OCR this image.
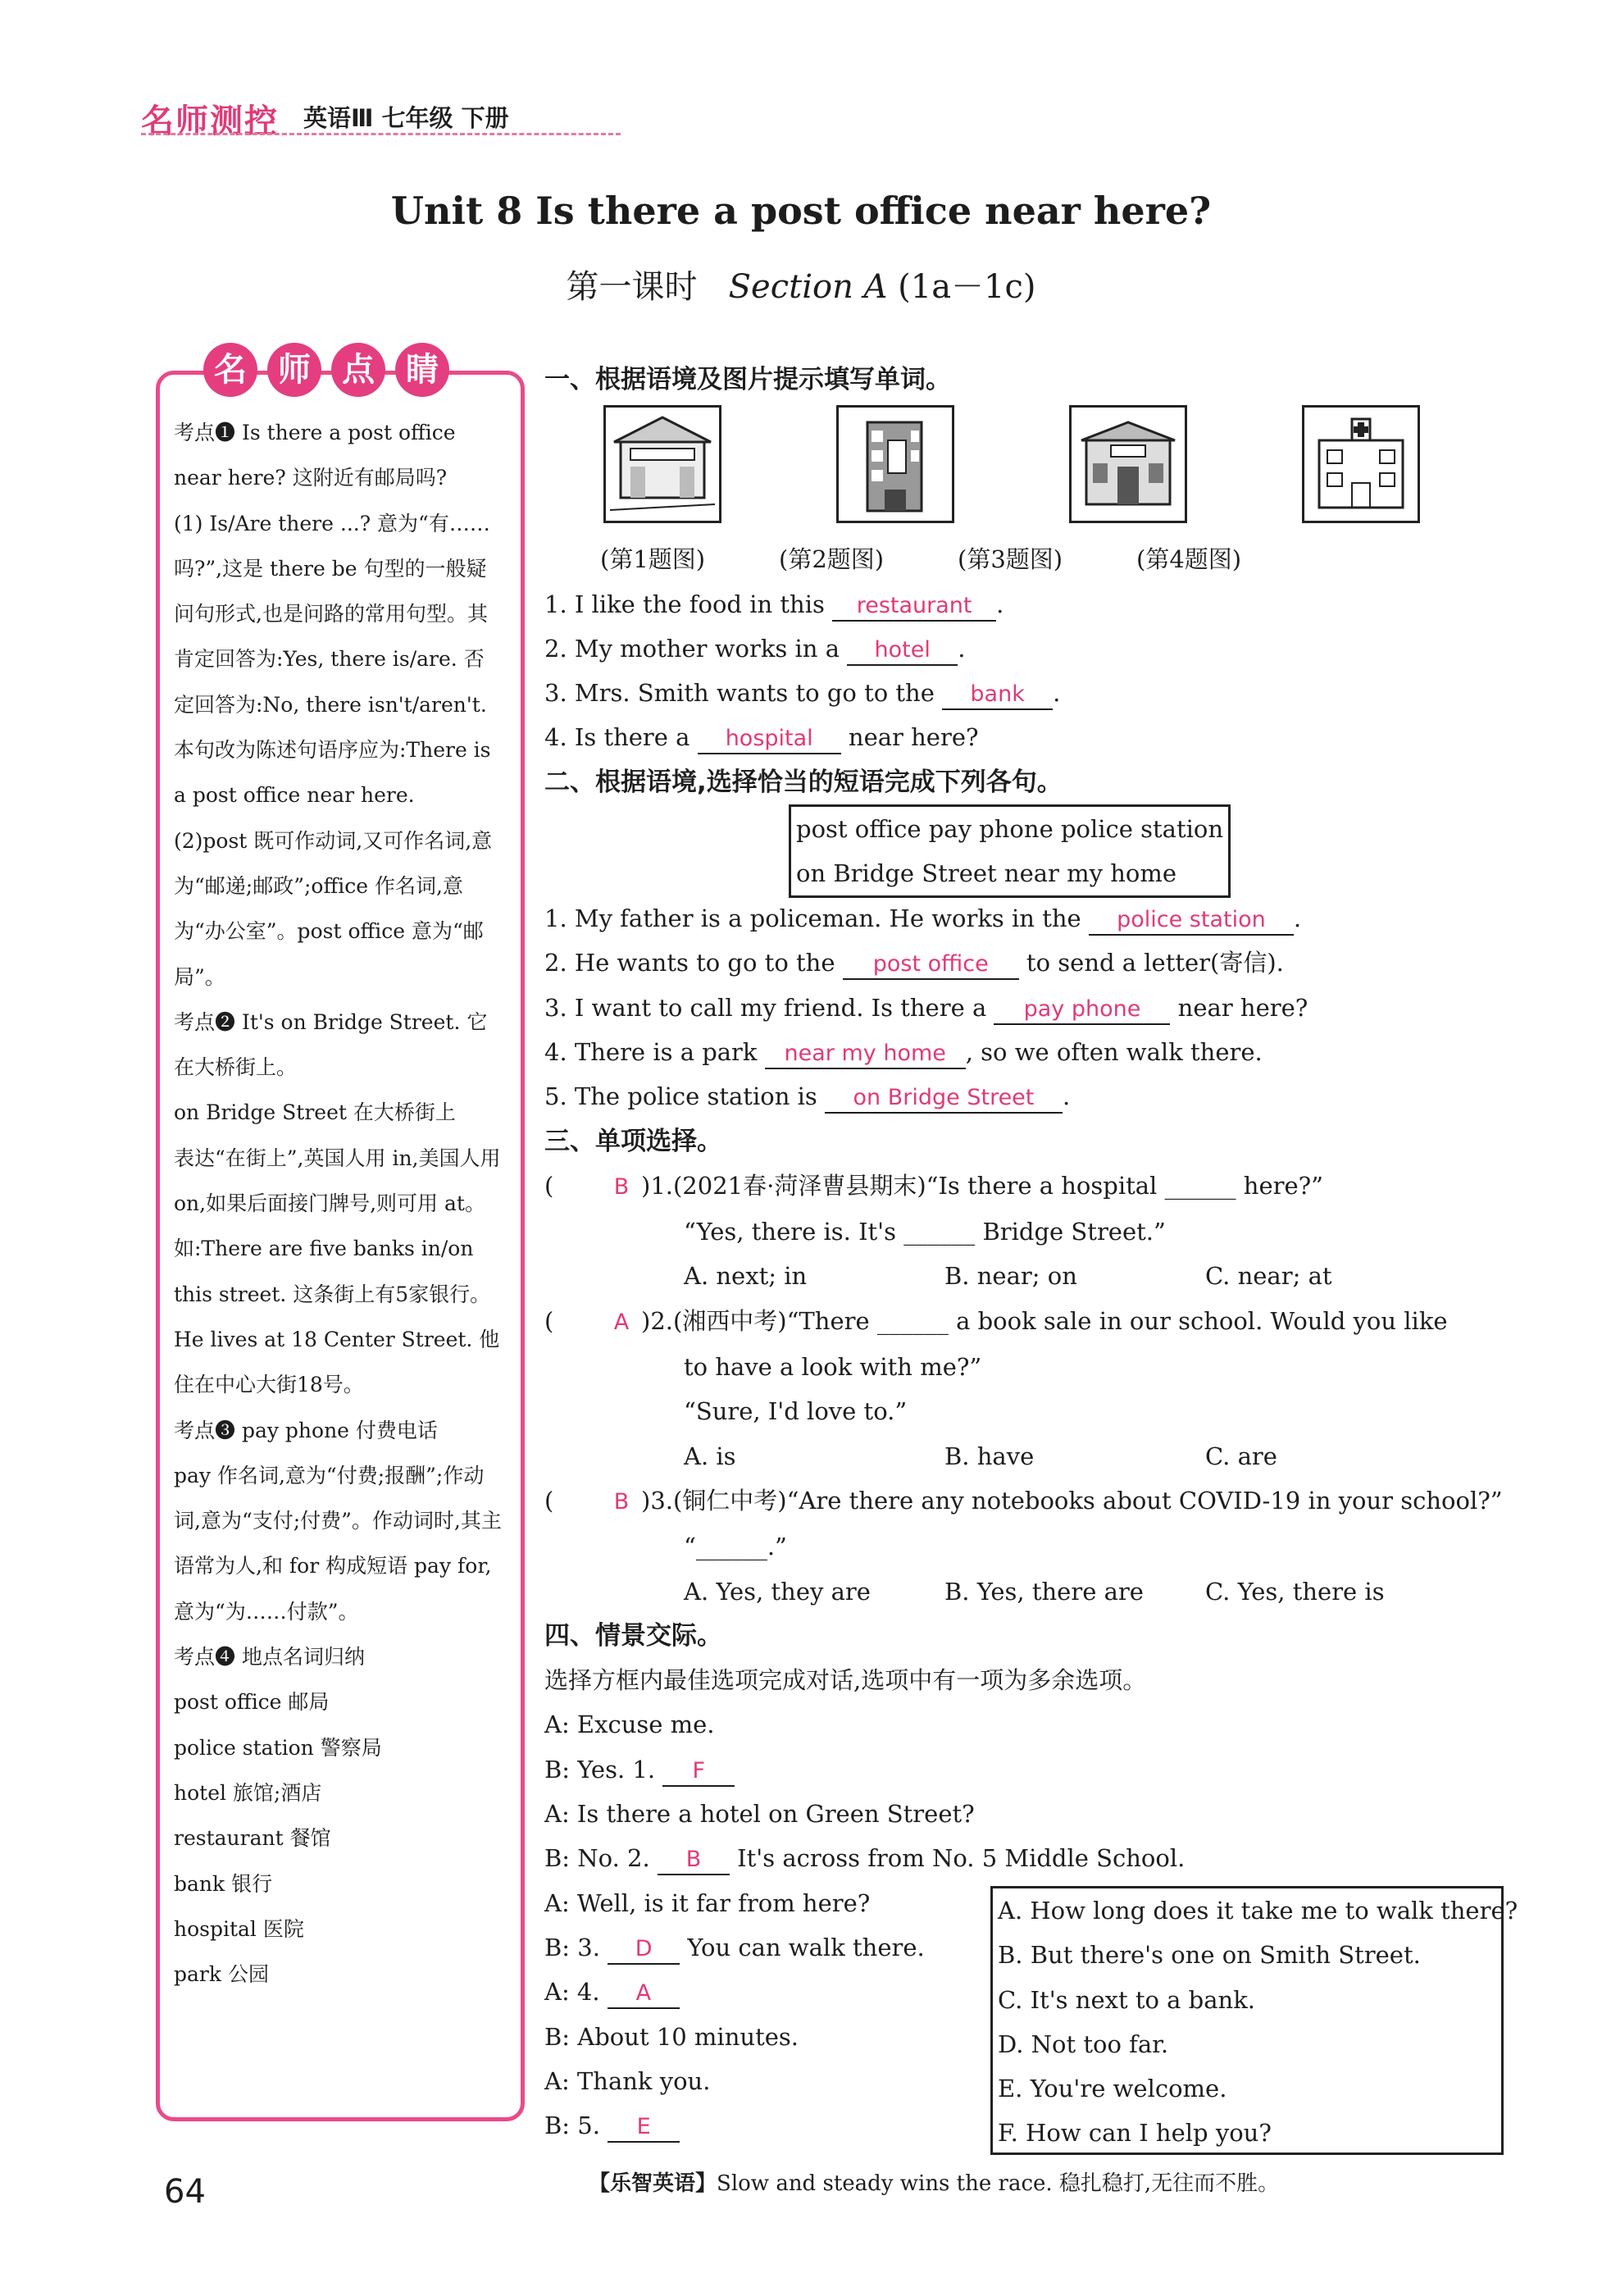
名师测控 英语Ⅲ 七年级 下册
Unit 8 Is there a post office near here?
第一课时 Section A (1a－1c)
名 师 点 睛

考点❶ Is there a post office near here? 这附近有邮局吗?

(1) Is/Are there ...? 意为“有……吗?”,这是 there be 句型的一般疑问句形式,也是问路的常用句型。其肯定回答为:Yes, there is/are. 否定回答为:No, there isn't/aren't. 本句改为陈述句语序应为:There is a post office near here.

(2)post 既可作动词,又可作名词,意为“邮递;邮政”;office 作名词,意为“办公室”。post office 意为“邮局”。

考点❷ It's on Bridge Street. 它在大桥街上。

on Bridge Street 在大桥街上

表达“在街上”,英国人用 in,美国人用 on,如果后面接门牌号,则可用 at。

如:There are five banks in/on this street. 这条街上有5家银行。

He lives at 18 Center Street. 他住在中心大街18号。

考点❸ pay phone 付费电话

pay 作名词,意为“付费;报酬”;作动词,意为“支付;付费”。作动词时,其主语常为人,和 for 构成短语 pay for,意为“为……付款”。

考点❹ 地点名词归纳

post office 邮局

police station 警察局

hotel 旅馆;酒店

restaurant 餐馆

bank 银行

hospital 医院

park 公园

一、根据语境及图片提示填写单词。

(第1题图)	(第2题图)	(第3题图)	(第4题图)

1. I like the food in this restaurant .

2. My mother works in a hotel .

3. Mrs. Smith wants to go to the bank .

4. Is there a hospital near here?

二、根据语境,选择恰当的短语完成下列各句。

post office pay phone police station
on Bridge Street near my home

1. My father is a policeman. He works in the police station .

2. He wants to go to the post office to send a letter(寄信).

3. I want to call my friend. Is there a pay phone near here?

4. There is a park near my home , so we often walk there.

5. The police station is on Bridge Street .

三、单项选择。

(	B )1.(2021春·菏泽曹县期末)“Is there a hospital ______ here?”

“Yes, there is. It's ______ Bridge Street.”

A. next; in	B. near; on	C. near; at

(	A )2.(湘西中考)“There ______ a book sale in our school. Would you like

to have a look with me?”

“Sure, I'd love to.”

A. is	B. have	C. are

(	B )3.(铜仁中考)“Are there any notebooks about COVID-19 in your school?”

“______.”

A. Yes, they are	B. Yes, there are	C. Yes, there is

四、情景交际。

选择方框内最佳选项完成对话,选项中有一项为多余选项。

A: Excuse me.

B: Yes. 1. F

A: Is there a hotel on Green Street?

B: No. 2. B It's across from No. 5 Middle School.

A: Well, is it far from here?

B: 3. D You can walk there.

A: 4. A

B: About 10 minutes.

A: Thank you.

B: 5. E

A. How long does it take me to walk there?

B. But there's one on Smith Street.

C. It's next to a bank.

D. Not too far.

E. You're welcome.

F. How can I help you?

64	【乐智英语】Slow and steady wins the race. 稳扎稳打,无往而不胜。
